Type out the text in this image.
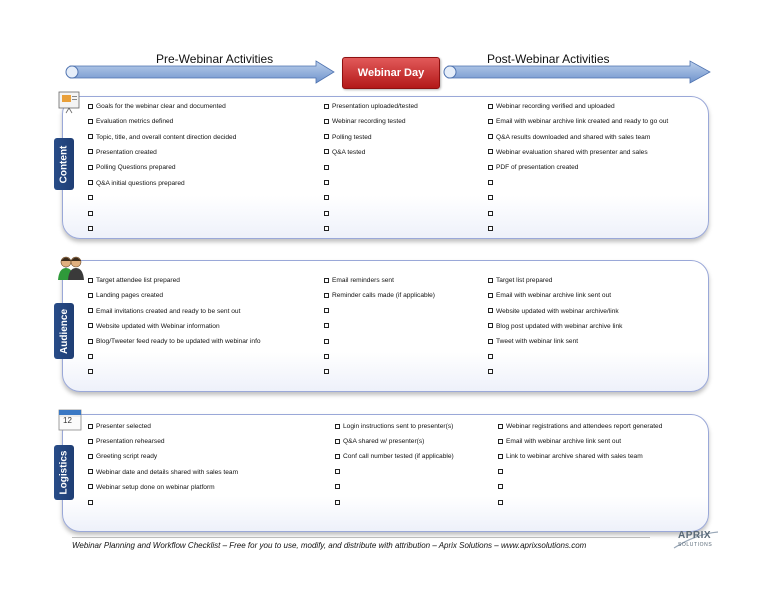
Pre-Webinar Activities	Post-Webinar Activities
Webinar Day
Content
Goals for the webinar clear and documented
Evaluation metrics defined
Topic, title, and overall content direction decided
Presentation created
Polling Questions prepared
Q&A initial questions prepared
Presentation uploaded/tested
Webinar recording tested
Polling tested
Q&A tested
Webinar recording verified and uploaded
Email with webinar archive link created and ready to go out
Q&A results downloaded and shared with sales team
Webinar evaluation shared with presenter and sales
PDF of presentation created
Audience
Target attendee list prepared
Landing pages created
Email invitations created and ready to be sent out
Website updated with Webinar information
Blog/Tweeter feed ready to be updated with webinar info
Email reminders sent
Reminder calls made (if applicable)
Target list prepared
Email with webinar archive link sent out
Website updated with webinar archive/link
Blog post updated with webinar archive link
Tweet with webinar link sent
Logistics
12
Presenter selected
Presentation rehearsed
Greeting script ready
Webinar date and details shared with sales team
Webinar setup done on webinar platform
Login instructions sent to presenter(s)
Q&A shared w/ presenter(s)
Conf call number tested (if applicable)
Webinar registrations and attendees report generated
Email with webinar archive link sent out
Link to webinar archive shared with sales team
Webinar Planning and Workflow Checklist – Free for you to use, modify, and distribute with attribution – Aprix Solutions – www.aprixsolutions.com
APRIX
SOLUTIONS
